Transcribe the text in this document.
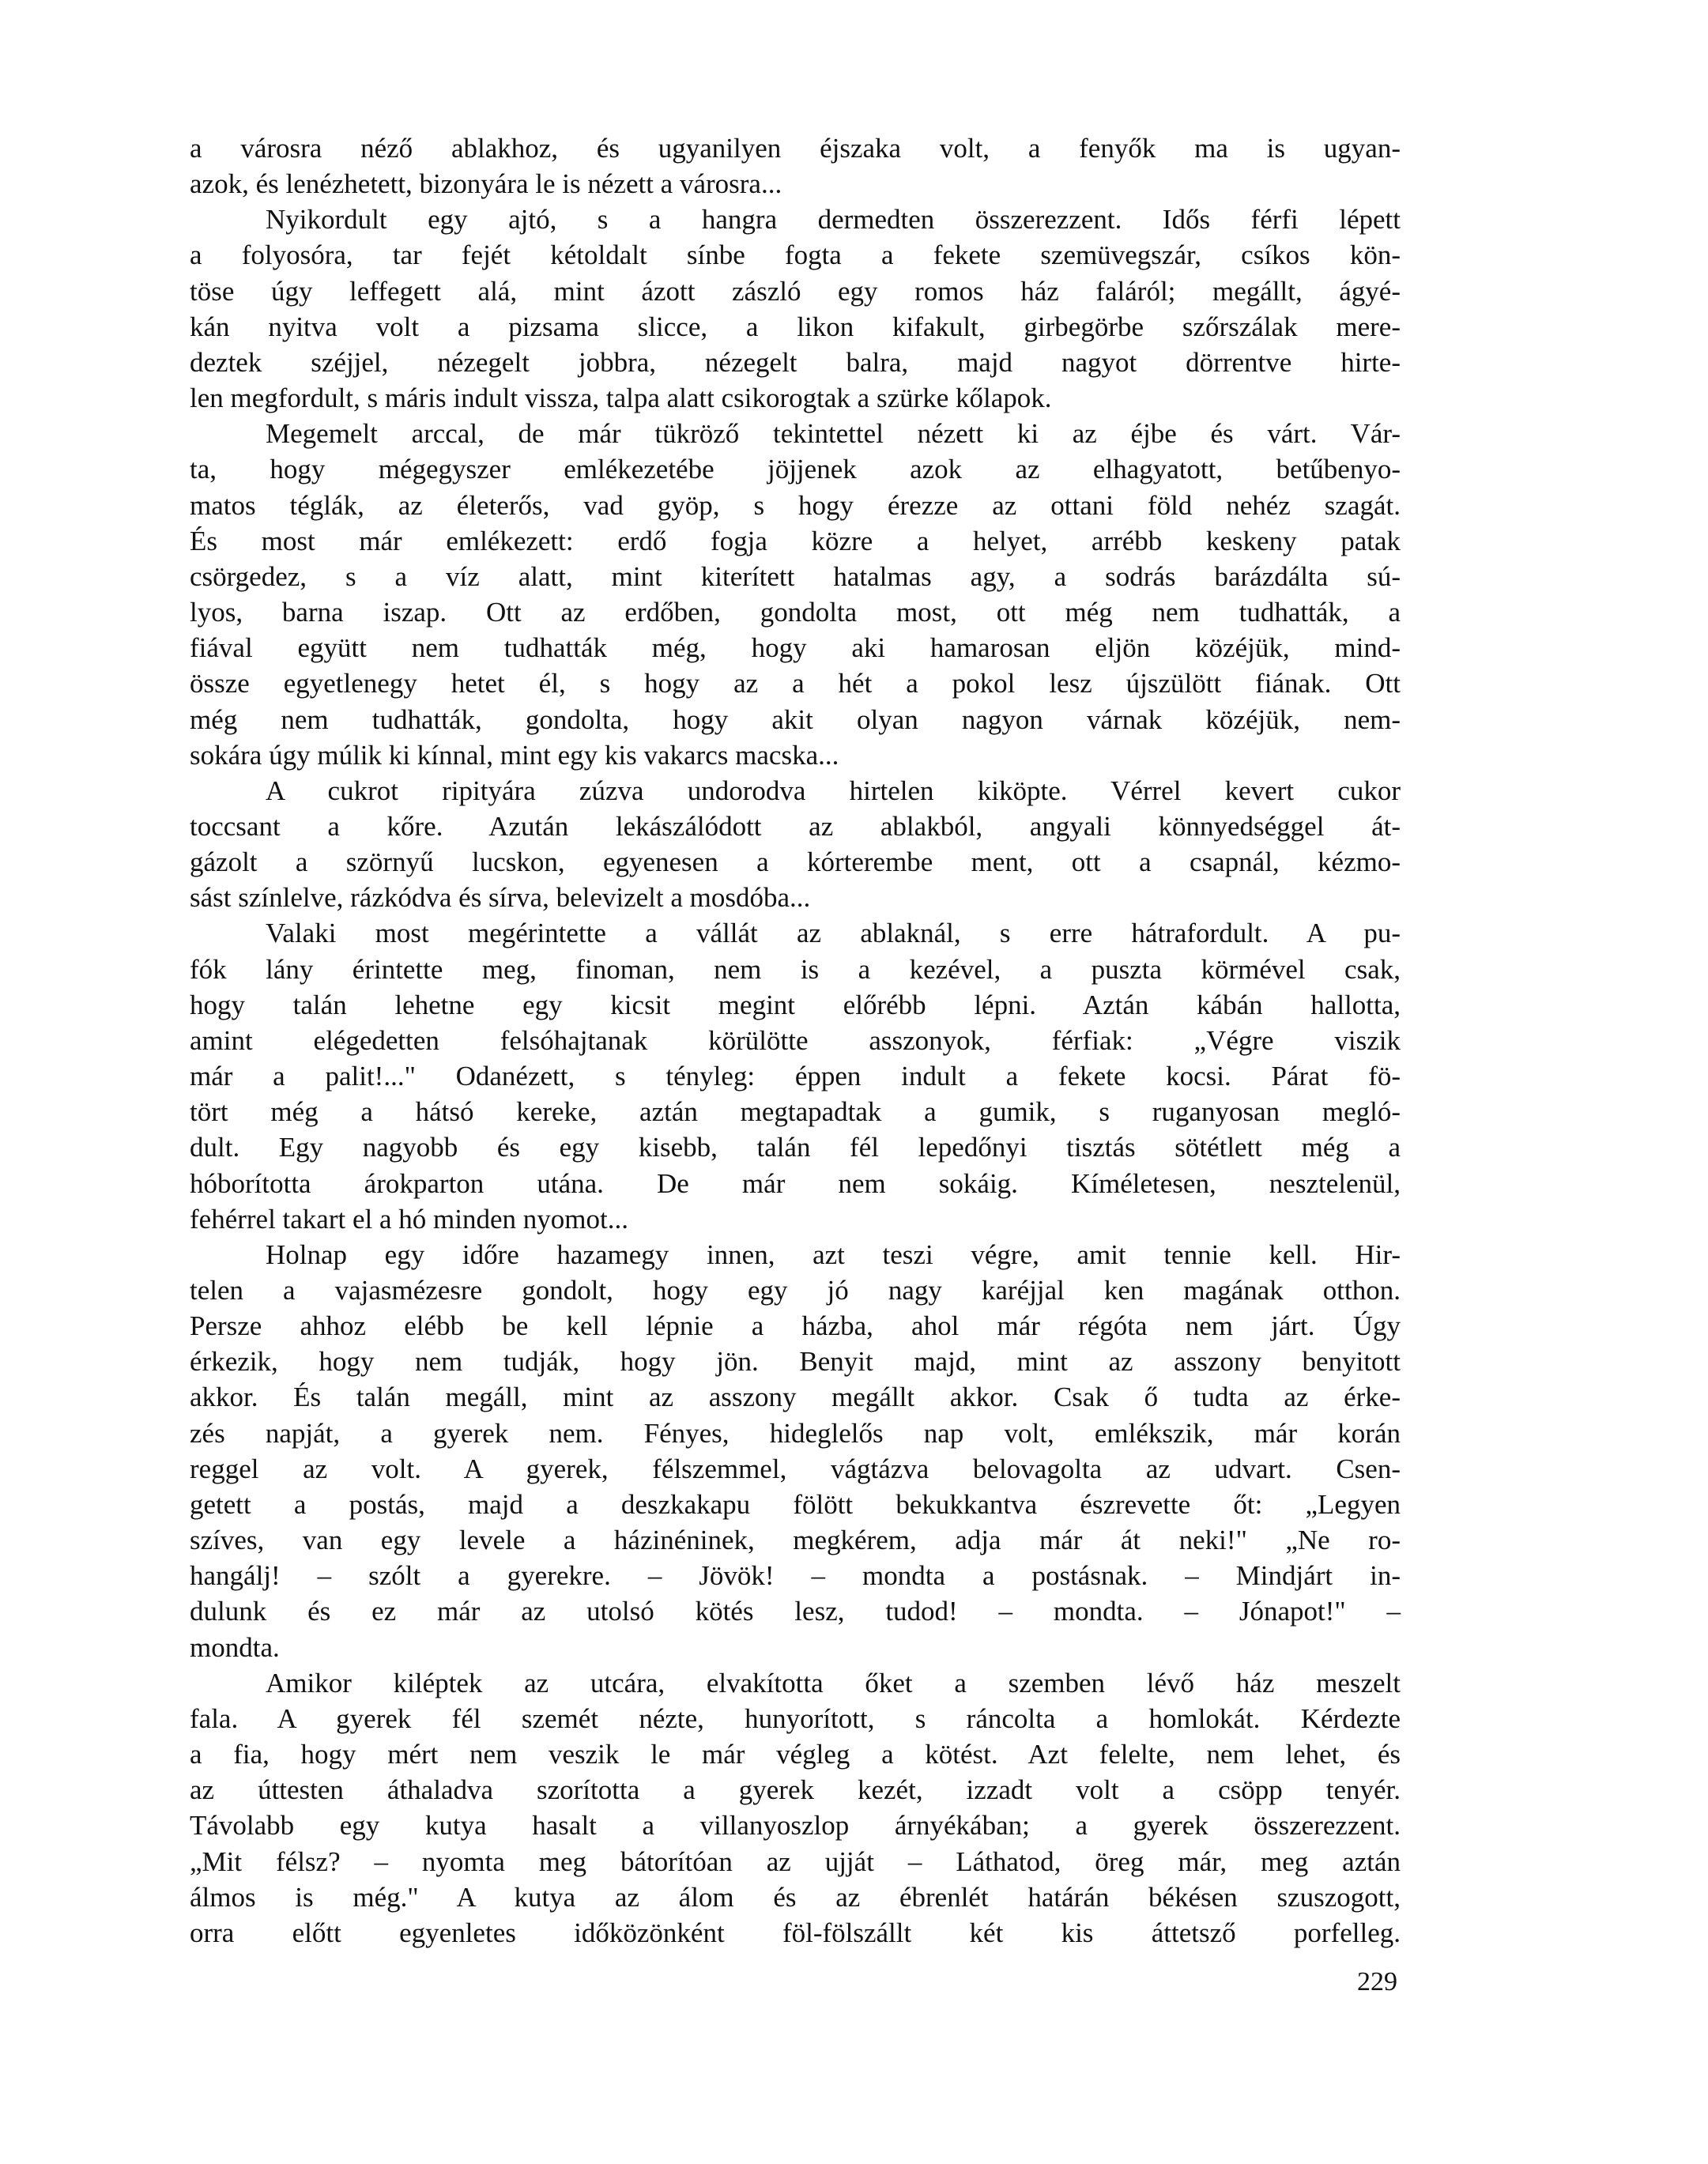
a városra néző ablakhoz, és ugyanilyen éjszaka volt, a fenyők ma is ugyan-
azok, és lenézhetett, bizonyára le is nézett a városra...
Nyikordult egy ajtó, s a hangra dermedten összerezzent. Idős férfi lépett
a folyosóra, tar fejét kétoldalt sínbe fogta a fekete szemüvegszár, csíkos kön-
töse úgy leffegett alá, mint ázott zászló egy romos ház faláról; megállt, ágyé-
kán nyitva volt a pizsama slicce, a likon kifakult, girbegörbe szőrszálak mere-
deztek széjjel, nézegelt jobbra, nézegelt balra, majd nagyot dörrentve hirte-
len megfordult, s máris indult vissza, talpa alatt csikorogtak a szürke kőlapok.
Megemelt arccal, de már tükröző tekintettel nézett ki az éjbe és várt. Vár-
ta, hogy mégegyszer emlékezetébe jöjjenek azok az elhagyatott, betűbenyo-
matos téglák, az életerős, vad gyöp, s hogy érezze az ottani föld nehéz szagát.
És most már emlékezett: erdő fogja közre a helyet, arrébb keskeny patak
csörgedez, s a víz alatt, mint kiterített hatalmas agy, a sodrás barázdálta sú-
lyos, barna iszap. Ott az erdőben, gondolta most, ott még nem tudhatták, a
fiával együtt nem tudhatták még, hogy aki hamarosan eljön közéjük, mind-
össze egyetlenegy hetet él, s hogy az a hét a pokol lesz újszülött fiának. Ott
még nem tudhatták, gondolta, hogy akit olyan nagyon várnak közéjük, nem-
sokára úgy múlik ki kínnal, mint egy kis vakarcs macska...
A cukrot ripityára zúzva undorodva hirtelen kiköpte. Vérrel kevert cukor
toccsant a kőre. Azután lekászálódott az ablakból, angyali könnyedséggel át-
gázolt a szörnyű lucskon, egyenesen a kórterembe ment, ott a csapnál, kézmo-
sást színlelve, rázkódva és sírva, belevizelt a mosdóba...
Valaki most megérintette a vállát az ablaknál, s erre hátrafordult. A pu-
fók lány érintette meg, finoman, nem is a kezével, a puszta körmével csak,
hogy talán lehetne egy kicsit megint előrébb lépni. Aztán kábán hallotta,
amint elégedetten felsóhajtanak körülötte asszonyok, férfiak: „Végre viszik
már a palit!..." Odanézett, s tényleg: éppen indult a fekete kocsi. Párat fö-
tört még a hátsó kereke, aztán megtapadtak a gumik, s ruganyosan megló-
dult. Egy nagyobb és egy kisebb, talán fél lepedőnyi tisztás sötétlett még a
hóborította árokparton utána. De már nem sokáig. Kíméletesen, nesztelenül,
fehérrel takart el a hó minden nyomot...
Holnap egy időre hazamegy innen, azt teszi végre, amit tennie kell. Hir-
telen a vajasmézesre gondolt, hogy egy jó nagy karéjjal ken magának otthon.
Persze ahhoz elébb be kell lépnie a házba, ahol már régóta nem járt. Úgy
érkezik, hogy nem tudják, hogy jön. Benyit majd, mint az asszony benyitott
akkor. És talán megáll, mint az asszony megállt akkor. Csak ő tudta az érke-
zés napját, a gyerek nem. Fényes, hideglelős nap volt, emlékszik, már korán
reggel az volt. A gyerek, félszemmel, vágtázva belovagolta az udvart. Csen-
getett a postás, majd a deszkakapu fölött bekukkantva észrevette őt: „Legyen
szíves, van egy levele a házinéninek, megkérem, adja már át neki!" „Ne ro-
hangálj! – szólt a gyerekre. – Jövök! – mondta a postásnak. – Mindjárt in-
dulunk és ez már az utolsó kötés lesz, tudod! – mondta. – Jónapot!" –
mondta.
Amikor kiléptek az utcára, elvakította őket a szemben lévő ház meszelt
fala. A gyerek fél szemét nézte, hunyorított, s ráncolta a homlokát. Kérdezte
a fia, hogy mért nem veszik le már végleg a kötést. Azt felelte, nem lehet, és
az úttesten áthaladva szorította a gyerek kezét, izzadt volt a csöpp tenyér.
Távolabb egy kutya hasalt a villanyoszlop árnyékában; a gyerek összerezzent.
„Mit félsz? – nyomta meg bátorítóan az ujját – Láthatod, öreg már, meg aztán
álmos is még." A kutya az álom és az ébrenlét határán békésen szuszogott,
orra előtt egyenletes időközönként föl-fölszállt két kis áttetsző porfelleg.
229
